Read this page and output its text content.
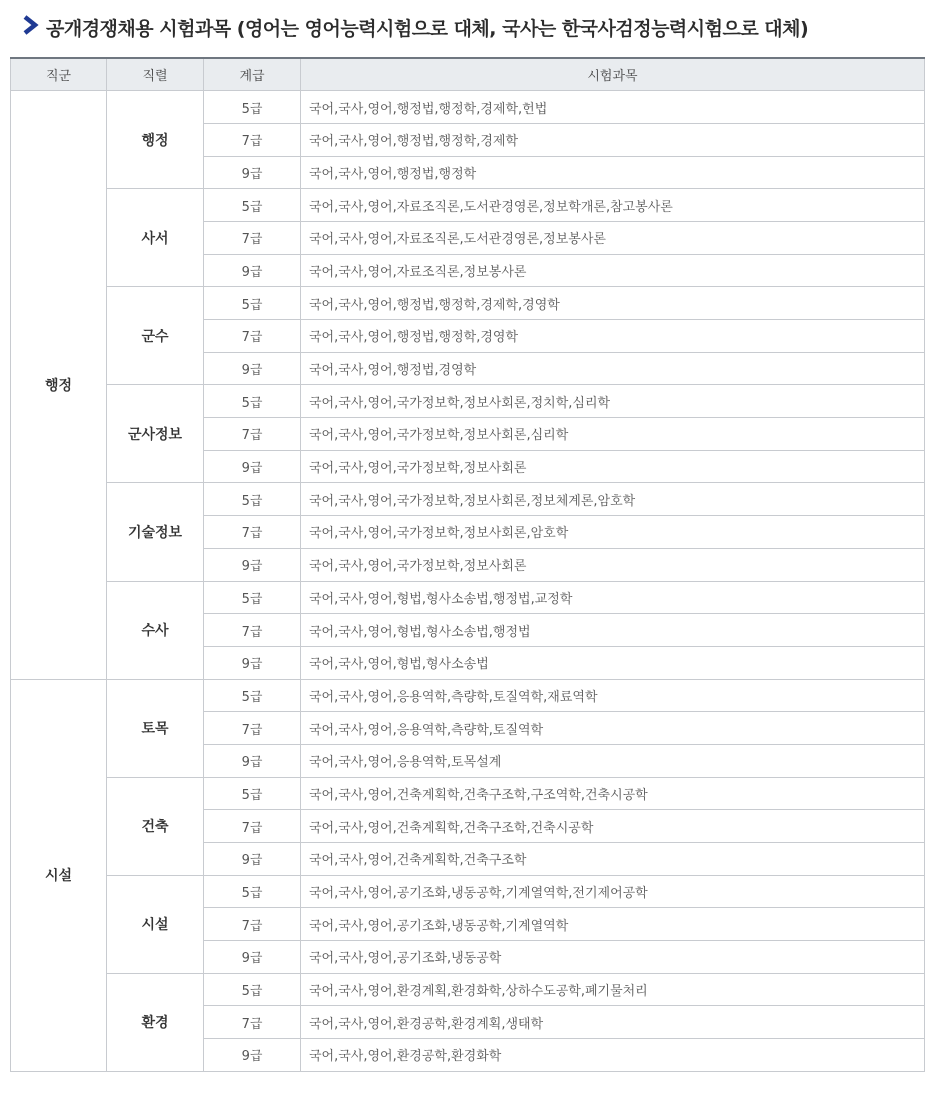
공개경쟁채용 시험과목 (영어는 영어능력시험으로 대체, 국사는 한국사검정능력시험으로 대체)
직군	직렬	계급	시험과목
행정	행정	5급	국어,국사,영어,행정법,행정학,경제학,헌법
		7급	국어,국사,영어,행정법,행정학,경제학
		9급	국어,국사,영어,행정법,행정학
	사서	5급	국어,국사,영어,자료조직론,도서관경영론,정보학개론,참고봉사론
		7급	국어,국사,영어,자료조직론,도서관경영론,정보봉사론
		9급	국어,국사,영어,자료조직론,정보봉사론
	군수	5급	국어,국사,영어,행정법,행정학,경제학,경영학
		7급	국어,국사,영어,행정법,행정학,경영학
		9급	국어,국사,영어,행정법,경영학
	군사정보	5급	국어,국사,영어,국가정보학,정보사회론,정치학,심리학
		7급	국어,국사,영어,국가정보학,정보사회론,심리학
		9급	국어,국사,영어,국가정보학,정보사회론
	기술정보	5급	국어,국사,영어,국가정보학,정보사회론,정보체계론,암호학
		7급	국어,국사,영어,국가정보학,정보사회론,암호학
		9급	국어,국사,영어,국가정보학,정보사회론
	수사	5급	국어,국사,영어,형법,형사소송법,행정법,교정학
		7급	국어,국사,영어,형법,형사소송법,행정법
		9급	국어,국사,영어,형법,형사소송법
시설	토목	5급	국어,국사,영어,응용역학,측량학,토질역학,재료역학
		7급	국어,국사,영어,응용역학,측량학,토질역학
		9급	국어,국사,영어,응용역학,토목설계
	건축	5급	국어,국사,영어,건축계획학,건축구조학,구조역학,건축시공학
		7급	국어,국사,영어,건축계획학,건축구조학,건축시공학
		9급	국어,국사,영어,건축계획학,건축구조학
	시설	5급	국어,국사,영어,공기조화,냉동공학,기계열역학,전기제어공학
		7급	국어,국사,영어,공기조화,냉동공학,기계열역학
		9급	국어,국사,영어,공기조화,냉동공학
	환경	5급	국어,국사,영어,환경계획,환경화학,상하수도공학,폐기물처리
		7급	국어,국사,영어,환경공학,환경계획,생태학
		9급	국어,국사,영어,환경공학,환경화학
